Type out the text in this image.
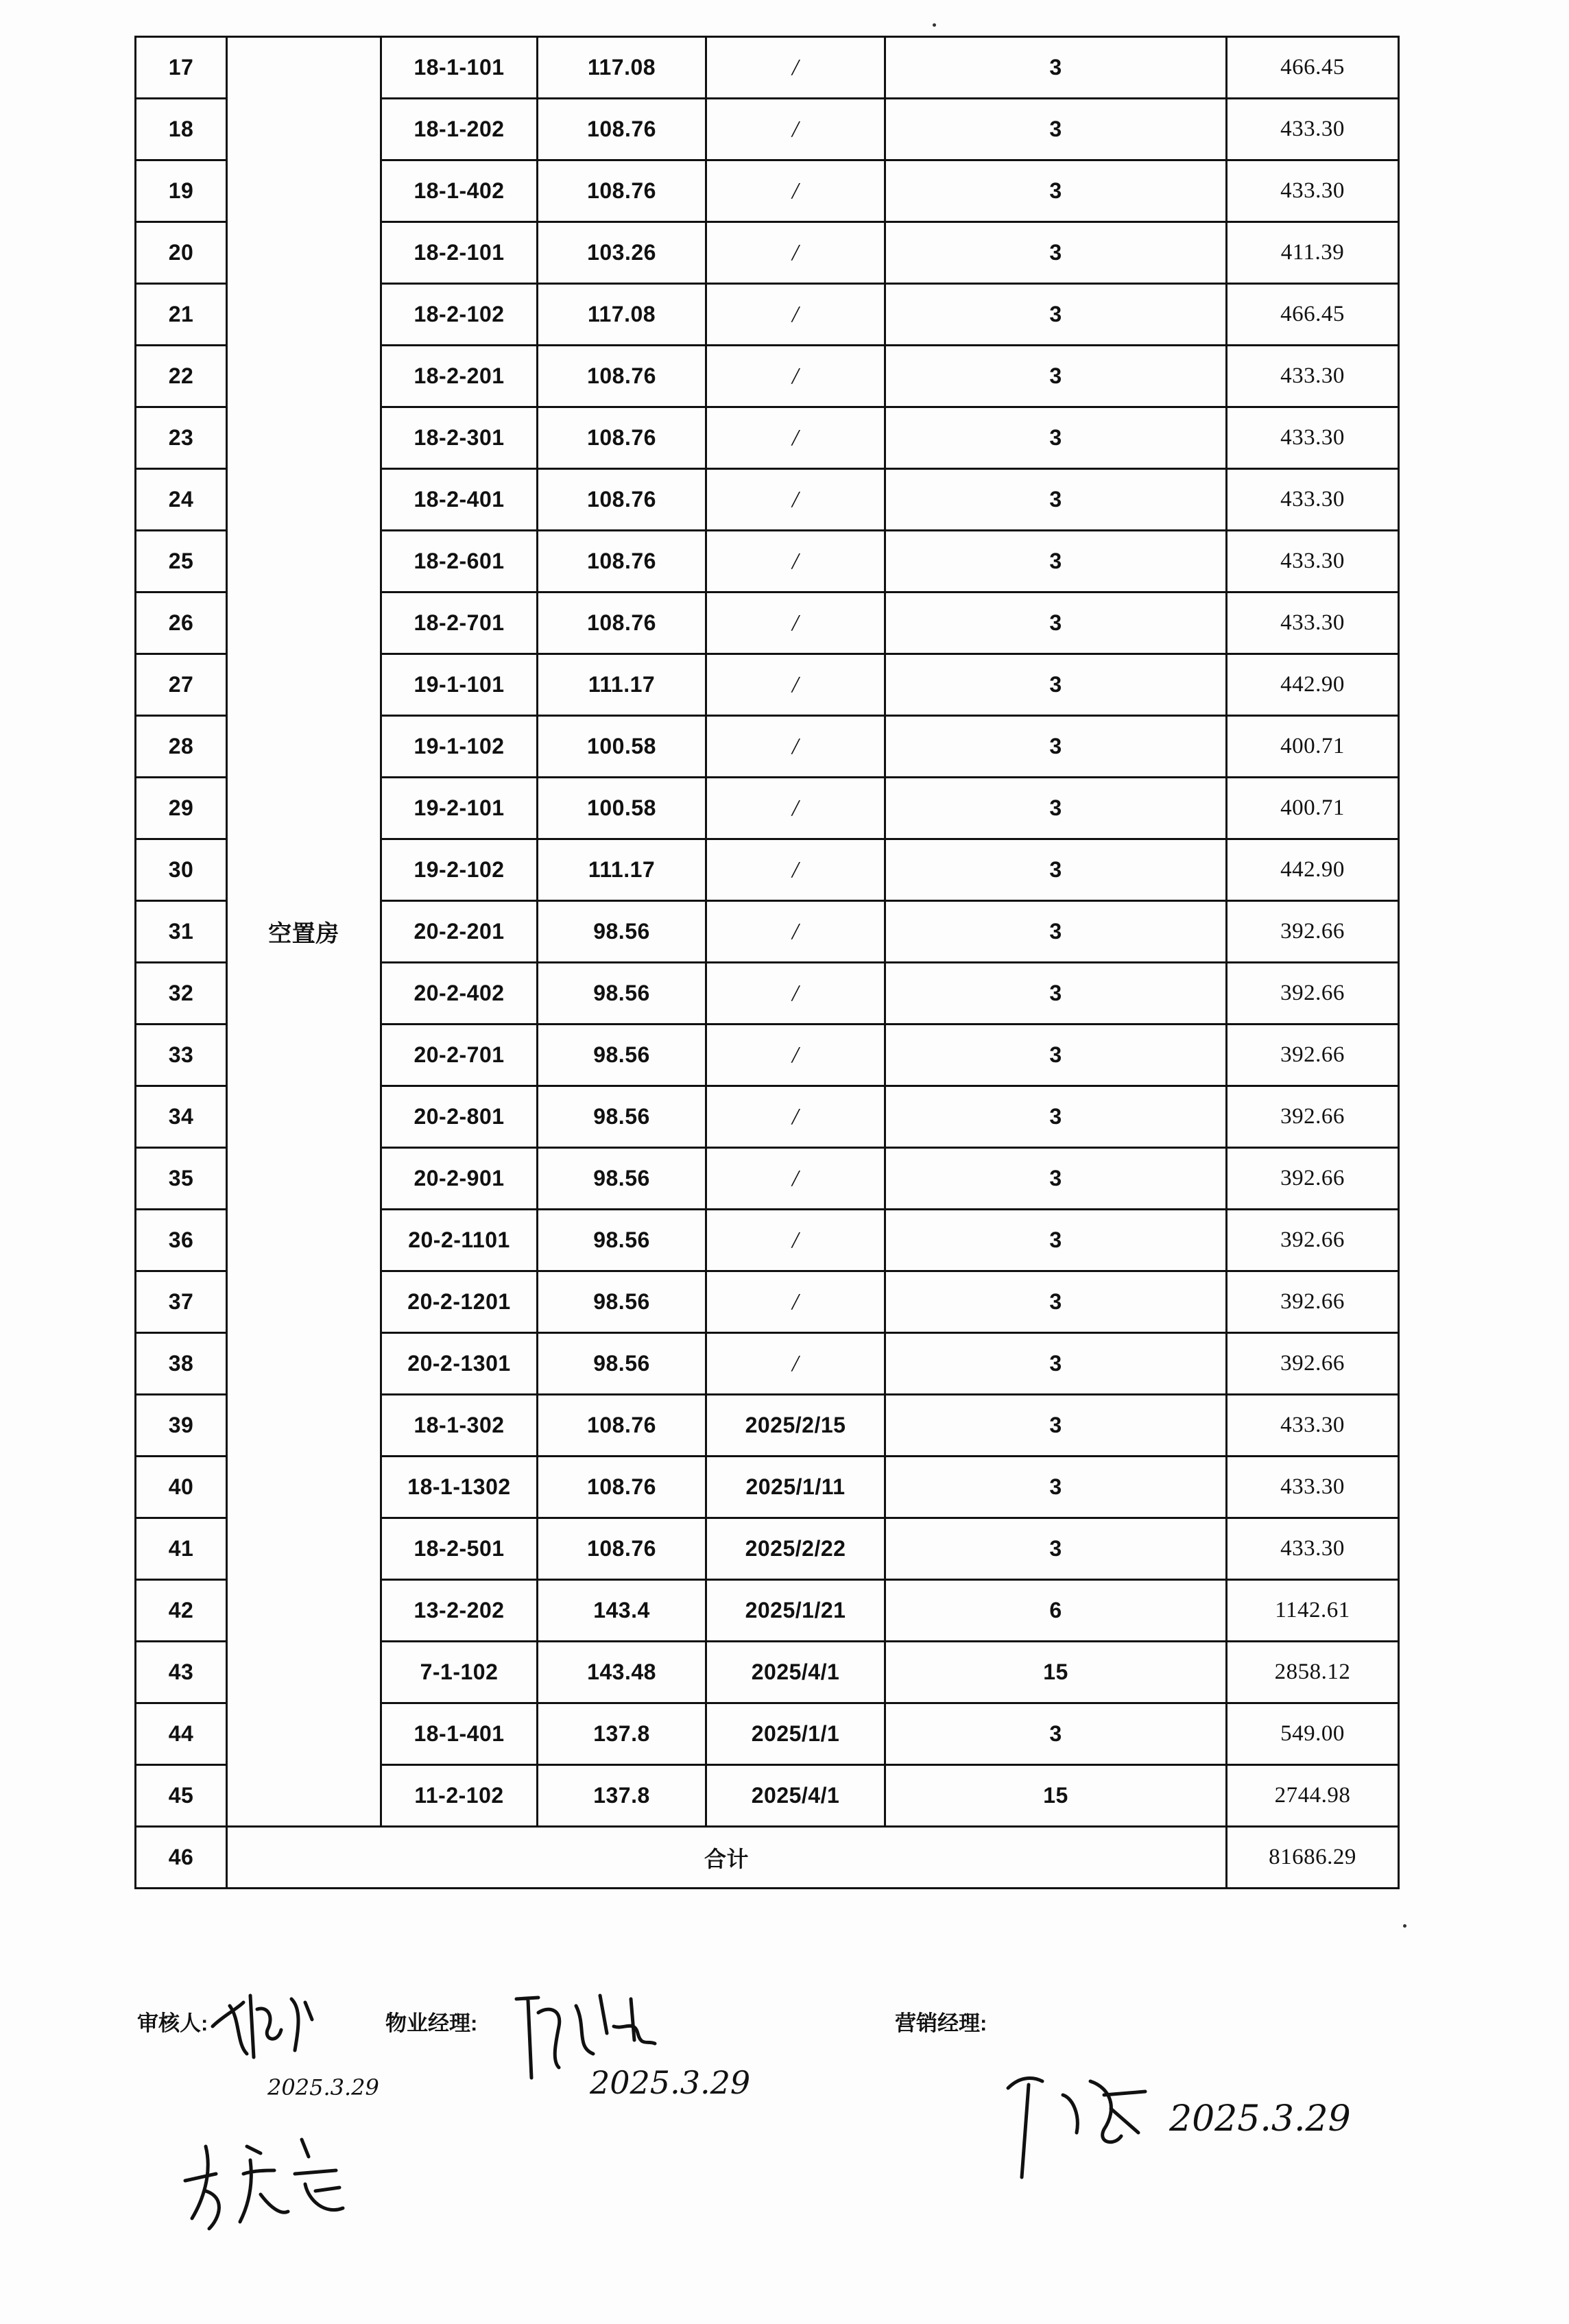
17	空置房	18-1-101	117.08	/	3	466.45
18		18-1-202	108.76	/	3	433.30
19		18-1-402	108.76	/	3	433.30
20		18-2-101	103.26	/	3	411.39
21		18-2-102	117.08	/	3	466.45
22		18-2-201	108.76	/	3	433.30
23		18-2-301	108.76	/	3	433.30
24		18-2-401	108.76	/	3	433.30
25		18-2-601	108.76	/	3	433.30
26		18-2-701	108.76	/	3	433.30
27		19-1-101	111.17	/	3	442.90
28		19-1-102	100.58	/	3	400.71
29		19-2-101	100.58	/	3	400.71
30		19-2-102	111.17	/	3	442.90
31		20-2-201	98.56	/	3	392.66
32		20-2-402	98.56	/	3	392.66
33		20-2-701	98.56	/	3	392.66
34		20-2-801	98.56	/	3	392.66
35		20-2-901	98.56	/	3	392.66
36		20-2-1101	98.56	/	3	392.66
37		20-2-1201	98.56	/	3	392.66
38		20-2-1301	98.56	/	3	392.66
39		18-1-302	108.76	2025/2/15	3	433.30
40		18-1-1302	108.76	2025/1/11	3	433.30
41		18-2-501	108.76	2025/2/22	3	433.30
42		13-2-202	143.4	2025/1/21	6	1142.61
43		7-1-102	143.48	2025/4/1	15	2858.12
44		18-1-401	137.8	2025/1/1	3	549.00
45		11-2-102	137.8	2025/4/1	15	2744.98
46	合计					81686.29
审核人:
2025.3.29
物业经理:
2025.3.29
营销经理:
2025.3.29
